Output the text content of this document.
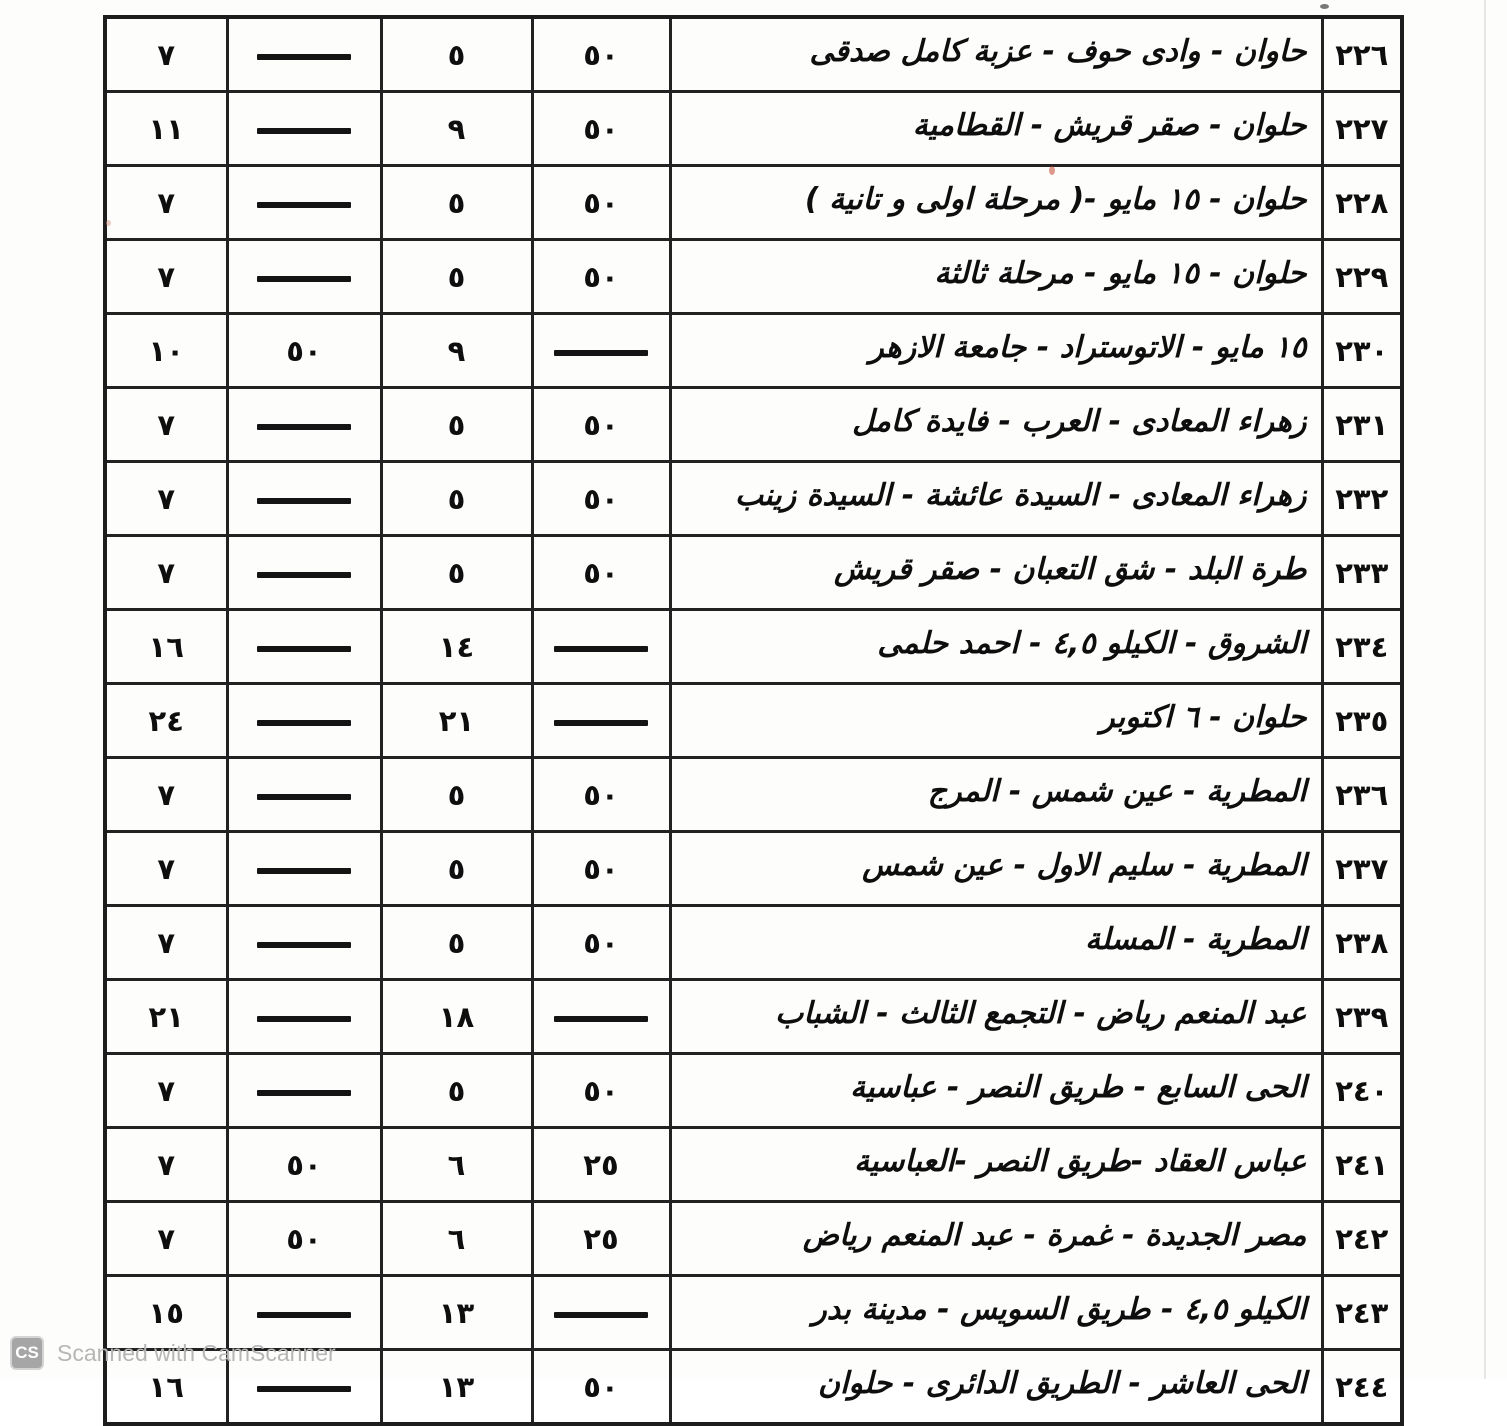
٢٢٦	حاوان - وادى حوف - عزبة كامل صدقى	٥٠	٥		٧
٢٢٧	حلوان - صقر قريش - القطامية	٥٠	٩		١١
٢٢٨	حلوان - ١٥ مايو -( مرحلة اولى و تانية )	٥٠	٥		٧
٢٢٩	حلوان - ١٥ مايو - مرحلة ثالثة	٥٠	٥		٧
٢٣٠	١٥ مايو - الاتوستراد - جامعة الازهر		٩	٥٠	١٠
٢٣١	زهراء المعادى - العرب - فايدة كامل	٥٠	٥		٧
٢٣٢	زهراء المعادى - السيدة عائشة - السيدة زينب	٥٠	٥		٧
٢٣٣	طرة البلد - شق التعبان - صقر قريش	٥٠	٥		٧
٢٣٤	الشروق - الكيلو ٤,٥ - احمد حلمى		١٤		١٦
٢٣٥	حلوان - ٦ اكتوبر		٢١		٢٤
٢٣٦	المطرية - عين شمس - المرج	٥٠	٥		٧
٢٣٧	المطرية - سليم الاول - عين شمس	٥٠	٥		٧
٢٣٨	المطرية - المسلة	٥٠	٥		٧
٢٣٩	عبد المنعم رياض - التجمع الثالث - الشباب		١٨		٢١
٢٤٠	الحى السابع - طريق النصر - عباسية	٥٠	٥		٧
٢٤١	عباس العقاد -طريق النصر -العباسية	٢٥	٦	٥٠	٧
٢٤٢	مصر الجديدة - غمرة - عبد المنعم رياض	٢٥	٦	٥٠	٧
٢٤٣	الكيلو ٤,٥ - طريق السويس - مدينة بدر		١٣		١٥
٢٤٤	الحى العاشر - الطريق الدائرى - حلوان	٥٠	١٣		١٦
CS Scanned with CamScanner
